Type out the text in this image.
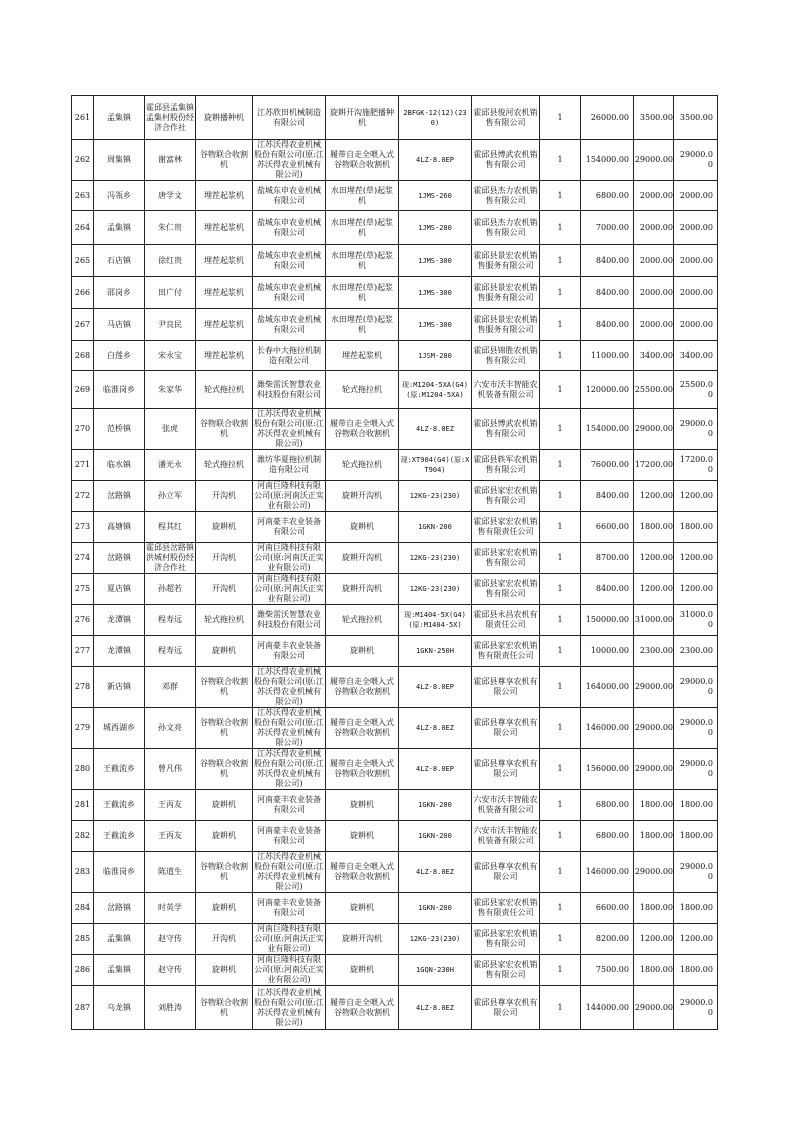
261	孟集镇	霍邱县孟集镇孟集村股份经济合作社	旋耕播种机	江苏欣田机械制造有限公司	旋耕开沟施肥播种机	2BFGK-12(12)(230)	霍邱县俊河农机销售有限公司	1	26000.00	3500.00	3500.00
262	周集镇	谢富林	谷物联合收割机	江苏沃得农业机械股份有限公司(原:江苏沃得农业机械有限公司)	履带自走全喂入式谷物联合收割机	4LZ-8.0EP	霍邱县博武农机销售有限公司	1	154000.00	29000.00	29000.00
263	冯瓴乡	唐学文	埋茬起浆机	盐城东申农业机械有限公司	水田埋茬(草)起浆机	1JMS-260	霍邱县杰力农机销售有限公司	1	6800.00	2000.00	2000.00
264	孟集镇	朱仁贵	埋茬起浆机	盐城东申农业机械有限公司	水田埋茬(草)起浆机	1JMS-280	霍邱县杰力农机销售有限公司	1	7000.00	2000.00	2000.00
265	石店镇	徐红贵	埋茬起浆机	盐城东申农业机械有限公司	水田埋茬(草)起浆机	1JMS-300	霍邱县景宏农机销售服务有限公司	1	8400.00	2000.00	2000.00
266	邵岗乡	田广付	埋茬起浆机	盐城东申农业机械有限公司	水田埋茬(草)起浆机	1JMS-300	霍邱县景宏农机销售服务有限公司	1	8400.00	2000.00	2000.00
267	马店镇	尹良民	埋茬起浆机	盐城东申农业机械有限公司	水田埋茬(草)起浆机	1JMS-300	霍邱县景宏农机销售服务有限公司	1	8400.00	2000.00	2000.00
268	白莲乡	宋永宝	埋茬起浆机	长春中大拖拉机制造有限公司	埋茬起浆机	1JSM-280	霍邱县锦胜农机销售有限公司	1	11000.00	3400.00	3400.00
269	临淮岗乡	朱家华	轮式拖拉机	潍柴雷沃智慧农业科技股份有限公司	轮式拖拉机	现:M1204-5XA(G4)(原:M1204-5XA)	六安市沃丰智能农机装备有限公司	1	120000.00	25500.00	25500.00
270	范桥镇	张虎	谷物联合收割机	江苏沃得农业机械股份有限公司(原:江苏沃得农业机械有限公司)	履带自走全喂入式谷物联合收割机	4LZ-8.0EZ	霍邱县博武农机销售有限公司	1	154000.00	29000.00	29000.00
271	临水镇	潘光永	轮式拖拉机	潍坊华夏拖拉机制造有限公司	轮式拖拉机	现:XT904(G4)(原:XT904)	霍邱县轶军农机销售有限公司	1	76000.00	17200.00	17200.00
272	岔路镇	孙立军	开沟机	河南巨隆科技有限公司(原:河南沃正实业有限公司)	旋耕开沟机	12KG-23(230)	霍邱县家宏农机销售有限公司	1	8400.00	1200.00	1200.00
273	高塘镇	程其红	旋耕机	河南豪丰农业装备有限公司	旋耕机	1GKN-200	霍邱县家宏农机销售有限责任公司	1	6600.00	1800.00	1800.00
274	岔路镇	霍邱县岔路镇洪城村股份经济合作社	开沟机	河南巨隆科技有限公司(原:河南沃正实业有限公司)	旋耕开沟机	12KG-23(230)	霍邱县家宏农机销售有限公司	1	8700.00	1200.00	1200.00
275	夏店镇	孙超若	开沟机	河南巨隆科技有限公司(原:河南沃正实业有限公司)	旋耕开沟机	12KG-23(230)	霍邱县家宏农机销售有限公司	1	8400.00	1200.00	1200.00
276	龙潭镇	程寿远	轮式拖拉机	潍柴雷沃智慧农业科技股份有限公司	轮式拖拉机	现:M1404-5X(G4)(原:M1404-5X)	霍邱县永昌农机有限责任公司	1	150000.00	31000.00	31000.00
277	龙潭镇	程寿远	旋耕机	河南豪丰农业装备有限公司	旋耕机	1GKN-250H	霍邱县家宏农机销售有限责任公司	1	10000.00	2300.00	2300.00
278	新店镇	邓群	谷物联合收割机	江苏沃得农业机械股份有限公司(原:江苏沃得农业机械有限公司)	履带自走全喂入式谷物联合收割机	4LZ-8.0EP	霍邱县尊享农机有限公司	1	164000.00	29000.00	29000.00
279	城西湖乡	孙文亮	谷物联合收割机	江苏沃得农业机械股份有限公司(原:江苏沃得农业机械有限公司)	履带自走全喂入式谷物联合收割机	4LZ-8.0EZ	霍邱县尊享农机有限公司	1	146000.00	29000.00	29000.00
280	王截流乡	曾凡伟	谷物联合收割机	江苏沃得农业机械股份有限公司(原:江苏沃得农业机械有限公司)	履带自走全喂入式谷物联合收割机	4LZ-8.0EP	霍邱县尊享农机有限公司	1	156000.00	29000.00	29000.00
281	王截流乡	王丙友	旋耕机	河南豪丰农业装备有限公司	旋耕机	1GKN-200	六安市沃丰智能农机装备有限公司	1	6800.00	1800.00	1800.00
282	王截流乡	王丙友	旋耕机	河南豪丰农业装备有限公司	旋耕机	1GKN-200	六安市沃丰智能农机装备有限公司	1	6800.00	1800.00	1800.00
283	临淮岗乡	陈道生	谷物联合收割机	江苏沃得农业机械股份有限公司(原:江苏沃得农业机械有限公司)	履带自走全喂入式谷物联合收割机	4LZ-8.0EZ	霍邱县尊享农机有限公司	1	146000.00	29000.00	29000.00
284	岔路镇	时英学	旋耕机	河南豪丰农业装备有限公司	旋耕机	1GKN-200	霍邱县家宏农机销售有限责任公司	1	6600.00	1800.00	1800.00
285	孟集镇	赵守传	开沟机	河南巨隆科技有限公司(原:河南沃正实业有限公司)	旋耕开沟机	12KG-23(230)	霍邱县家宏农机销售有限公司	1	8200.00	1200.00	1200.00
286	孟集镇	赵守传	旋耕机	河南巨隆科技有限公司(原:河南沃正实业有限公司)	旋耕机	1GQN-230H	霍邱县家宏农机销售有限公司	1	7500.00	1800.00	1800.00
287	乌龙镇	刘胜涛	谷物联合收割机	江苏沃得农业机械股份有限公司(原:江苏沃得农业机械有限公司)	履带自走全喂入式谷物联合收割机	4LZ-8.0EZ	霍邱县尊享农机有限公司	1	144000.00	29000.00	29000.00
